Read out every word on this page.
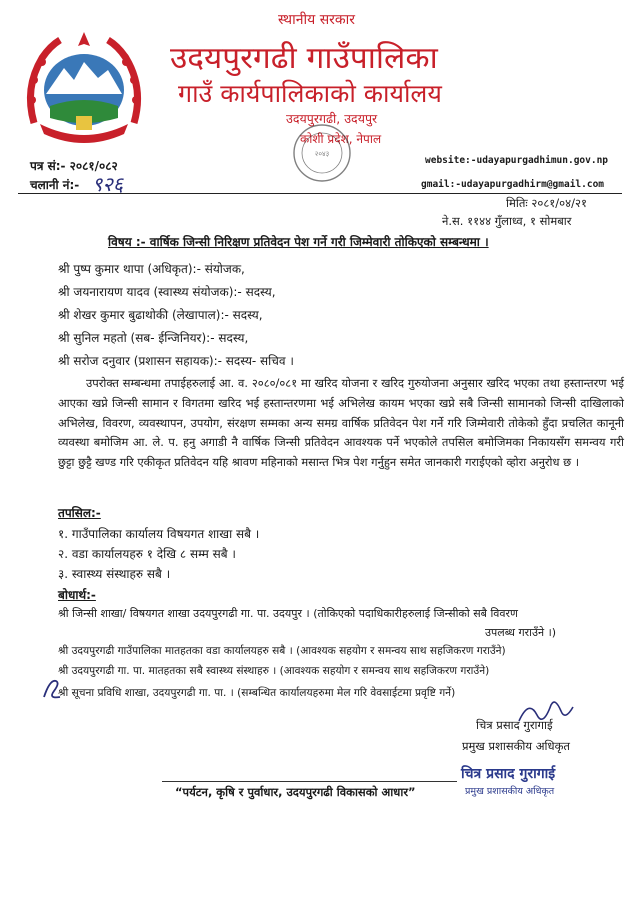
स्थानीय सरकार
उदयपुरगढी गाउँपालिका
गाउँ कार्यपालिकाको कार्यालय
उदयपुरगढी, उदयपुर
कोशी प्रदेश, नेपाल
२०४३
पत्र सं:- २०८१/०८२
चलानी नं:- ९२६
website:-udayapurgadhimun.gov.np
gmail:-udayapurgadhirm@gmail.com
मितिः २०८१/०४/२१
ने.स. ११४४ गुँलाध्व, १ सोमबार
विषय :- वार्षिक जिन्सी निरिक्षण प्रतिवेदन पेश गर्ने गरी जिम्मेवारी तोकिएको सम्बन्धमा ।
श्री पुष्प कुमार थापा (अधिकृत):- संयोजक,
श्री जयनारायण यादव (स्वास्थ्य संयोजक):- सदस्य,
श्री शेखर कुमार बुढाथोकी (लेखापाल):- सदस्य,
श्री सुनिल महतो (सब- ईन्जिनियर):- सदस्य,
श्री सरोज दनुवार (प्रशासन सहायक):- सदस्य- सचिव ।
उपरोक्त सम्बन्धमा तपाईहरुलाई आ. व. २०८०/०८१ मा खरिद योजना र खरिद गुरुयोजना अनुसार खरिद भएका तथा हस्तान्तरण भई आएका खप्ने जिन्सी सामान र विगतमा खरिद भई हस्तान्तरणमा भई अभिलेख कायम भएका खप्ने सबै जिन्सी सामानको जिन्सी दाखिलाको अभिलेख, विवरण, व्यवस्थापन, उपयोग, संरक्षण सम्मका अन्य समग्र वार्षिक प्रतिवेदन पेश गर्ने गरि जिम्मेवारी तोकेको हुँदा प्रचलित कानूनी व्यवस्था बमोजिम आ. ले. प. हनु अगाडी नै वार्षिक जिन्सी प्रतिवेदन आवश्यक पर्ने भएकोले तपसिल बमोजिमका निकायसँग समन्वय गरी छुट्टा छुट्टै खण्ड गरि एकीकृत प्रतिवेदन यहि श्रावण महिनाको मसान्त भित्र पेश गर्नुहुन समेत जानकारी गराईएको व्होरा अनुरोध छ ।
तपसिल:-
१. गाउँपालिका कार्यालय विषयगत शाखा सबै ।
२. वडा कार्यालयहरु १ देखि ८ सम्म सबै ।
३. स्वास्थ्य संस्थाहरु सबै ।
बोधार्थ:-
श्री जिन्सी शाखा/ विषयगत शाखा उदयपुरगढी गा. पा. उदयपुर । (तोकिएको पदाधिकारीहरुलाई जिन्सीको सबै विवरण
उपलब्ध गराउँने ।)
श्री उदयपुरगढी गाउँपालिका मातहतका वडा कार्यालयहरु सबै । (आवश्यक सहयोग र समन्वय साथ सहजिकरण गराउँने)
श्री उदयपुरगढी गा. पा. मातहतका सबै स्वास्थ्य संस्थाहरु । (आवश्यक सहयोग र समन्वय साथ सहजिकरण गराउँने)
श्री सूचना प्रविधि शाखा, उदयपुरगढी गा. पा. । (सम्बन्धित कार्यालयहरुमा मेल गरि वेवसाईटमा प्रवृष्टि गर्ने)
चित्र प्रसाद गुरागाई
प्रमुख प्रशासकीय अधिकृत
चित्र प्रसाद गुरागाई
प्रमुख प्रशासकीय अधिकृत
“पर्यटन, कृषि र पुर्वाधार, उदयपुरगढी विकासको आधार”
